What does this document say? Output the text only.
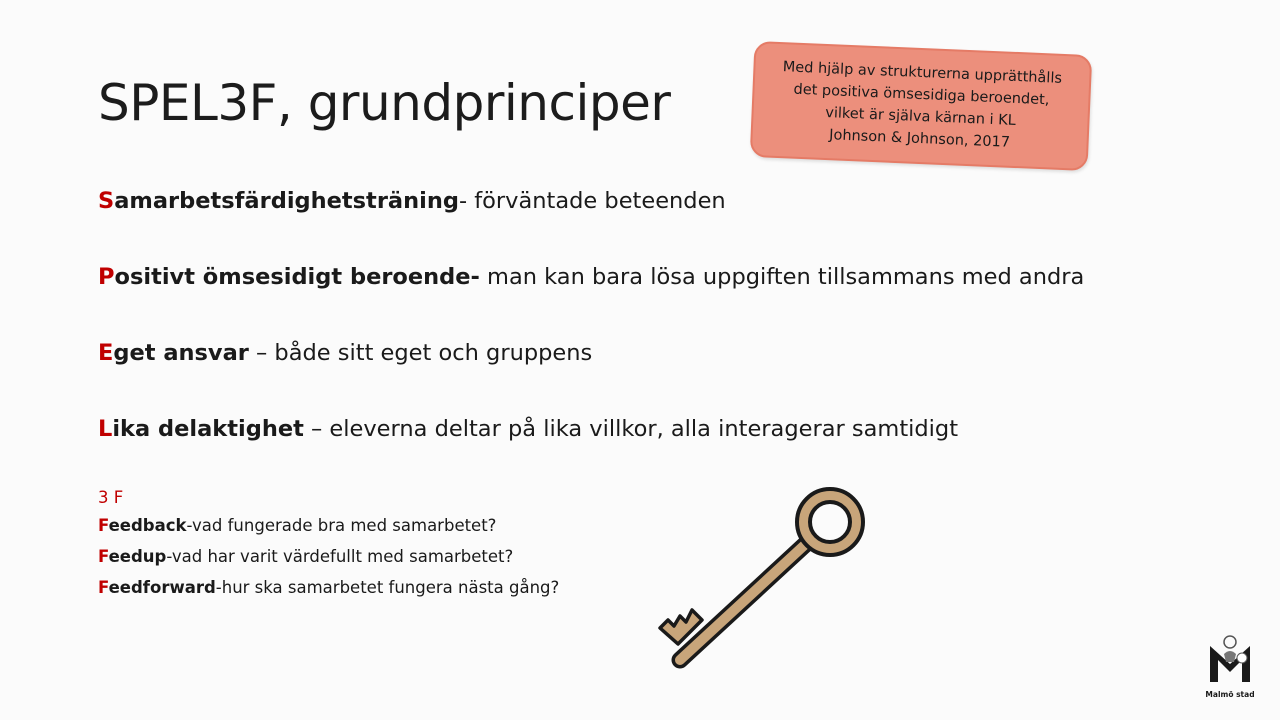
SPEL3F, grundprinciper
Med hjälp av strukturerna upprätthålls
det positiva ömsesidiga beroendet,
vilket är själva kärnan i KL
Johnson & Johnson, 2017
Samarbetsfärdighetsträning- förväntade beteenden
Positivt ömsesidigt beroende- man kan bara lösa uppgiften tillsammans med andra
Eget ansvar – både sitt eget och gruppens
Lika delaktighet – eleverna deltar på lika villkor, alla interagerar samtidigt
3 F
Feedback-vad fungerade bra med samarbetet?
Feedup-vad har varit värdefullt med samarbetet?
Feedforward-hur ska samarbetet fungera nästa gång?
Malmö stad
